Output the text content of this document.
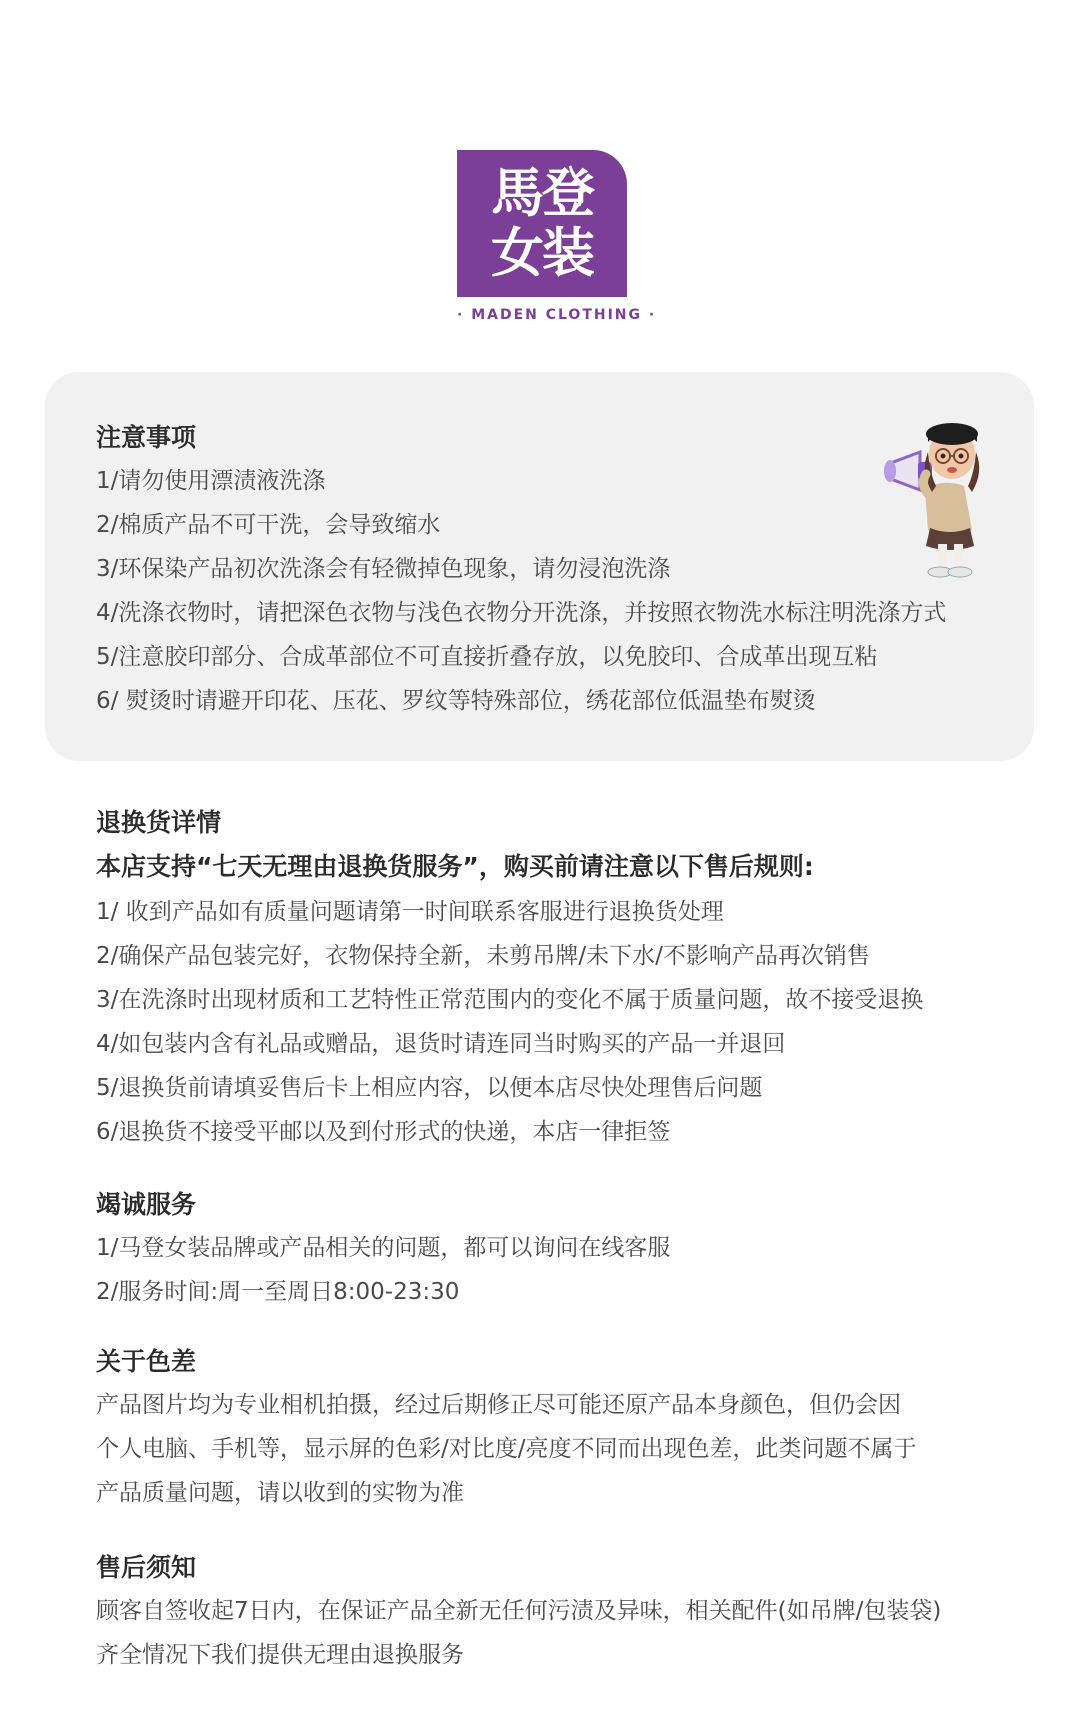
馬登
女装
· MADEN CLOTHING ·
注意事项
1/请勿使用漂渍液洗涤
2/棉质产品不可干洗，会导致缩水
3/环保染产品初次洗涤会有轻微掉色现象，请勿浸泡洗涤
4/洗涤衣物时，请把深色衣物与浅色衣物分开洗涤，并按照衣物洗水标注明洗涤方式
5/注意胶印部分、合成革部位不可直接折叠存放，以免胶印、合成革出现互粘
6/ 熨烫时请避开印花、压花、罗纹等特殊部位，绣花部位低温垫布熨烫
退换货详情
本店支持“七天无理由退换货服务”，购买前请注意以下售后规则:
1/ 收到产品如有质量问题请第一时间联系客服进行退换货处理
2/确保产品包装完好，衣物保持全新，未剪吊牌/未下水/不影响产品再次销售
3/在洗涤时出现材质和工艺特性正常范围内的变化不属于质量问题，故不接受退换
4/如包装内含有礼品或赠品，退货时请连同当时购买的产品一并退回
5/退换货前请填妥售后卡上相应内容，以便本店尽快处理售后问题
6/退换货不接受平邮以及到付形式的快递，本店一律拒签
竭诚服务
1/马登女装品牌或产品相关的问题，都可以询问在线客服
2/服务时间:周一至周日8:00-23:30
关于色差
产品图片均为专业相机拍摄，经过后期修正尽可能还原产品本身颜色，但仍会因
个人电脑、手机等，显示屏的色彩/对比度/亮度不同而出现色差，此类问题不属于
产品质量问题，请以收到的实物为准
售后须知
顾客自签收起7日内，在保证产品全新无任何污渍及异味，相关配件(如吊牌/包装袋)
齐全情况下我们提供无理由退换服务
